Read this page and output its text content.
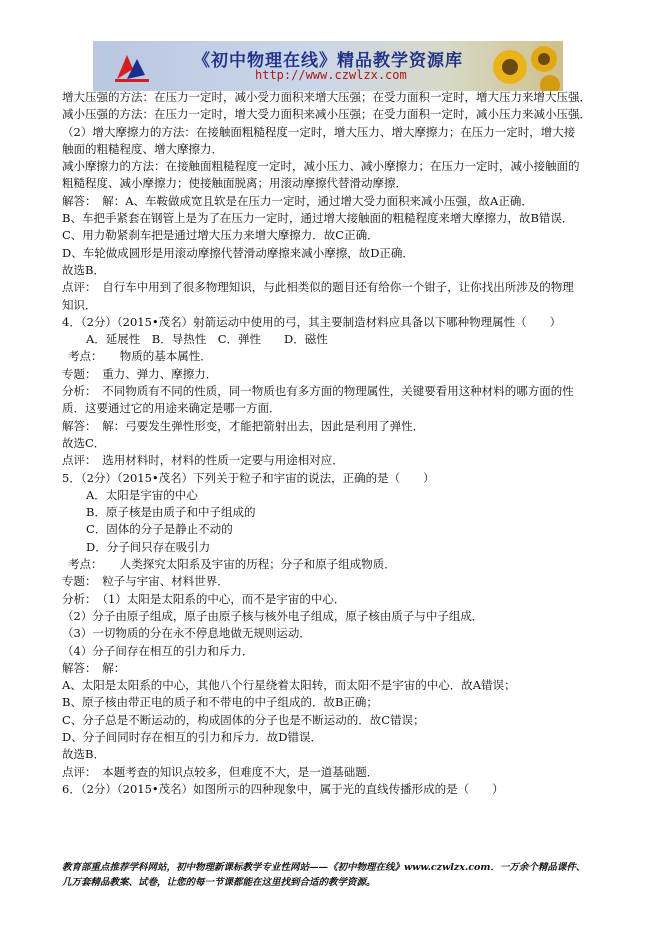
《初中物理在线》精品教学资源库
http://www.czwlzx.com
增大压强的方法：在压力一定时，减小受力面积来增大压强；在受力面积一定时，增大压力来增大压强．
减小压强的方法：在压力一定时，增大受力面积来减小压强；在受力面积一定时，减小压力来减小压强．
（2）增大摩擦力的方法：在接触面粗糙程度一定时，增大压力、增大摩擦力；在压力一定时，增大接
触面的粗糙程度、增大摩擦力．
减小摩擦力的方法：在接触面粗糙程度一定时，减小压力、减小摩擦力；在压力一定时，减小接触面的
粗糙程度、减小摩擦力；使接触面脱离；用滚动摩擦代替滑动摩擦．
解答：　解：A、车鞍做成宽且软是在压力一定时，通过增大受力面积来减小压强，故A正确．
B、车把手紧套在钢管上是为了在压力一定时，通过增大接触面的粗糙程度来增大摩擦力，故B错误．
C、用力勒紧刹车把是通过增大压力来增大摩擦力．故C正确．
D、车轮做成圆形是用滚动摩擦代替滑动摩擦来减小摩擦，故D正确．
故选B．
点评：　自行车中用到了很多物理知识，与此相类似的题目还有给你一个钳子，让你找出所涉及的物理
知识．
4．（2分）（2015•茂名）射箭运动中使用的弓，其主要制造材料应具备以下哪种物理属性（　　）
A．延展性　B．导热性　C．弹性　　D．磁性
考点：　　物质的基本属性．
专题：　重力、弹力、摩擦力．
分析：　不同物质有不同的性质，同一物质也有多方面的物理属性，关键要看用这种材料的哪方面的性
质．这要通过它的用途来确定是哪一方面．
解答：　解：弓要发生弹性形变，才能把箭射出去，因此是利用了弹性．
故选C．
点评：　选用材料时，材料的性质一定要与用途相对应．
5．（2分）（2015•茂名）下列关于粒子和宇宙的说法，正确的是（　　）
A．太阳是宇宙的中心
B．原子核是由质子和中子组成的
C．固体的分子是静止不动的
D．分子间只存在吸引力
考点：　　人类探究太阳系及宇宙的历程；分子和原子组成物质．
专题：　粒子与宇宙、材料世界．
分析：　（1）太阳是太阳系的中心，而不是宇宙的中心．
（2）分子由原子组成，原子由原子核与核外电子组成，原子核由质子与中子组成．
（3）一切物质的分在永不停息地做无规则运动．
（4）分子间存在相互的引力和斥力．
解答：　解：
A、太阳是太阳系的中心，其他八个行星绕着太阳转，而太阳不是宇宙的中心．故A错误；
B、原子核由带正电的质子和不带电的中子组成的．故B正确；
C、分子总是不断运动的，构成固体的分子也是不断运动的．故C错误；
D、分子间同时存在相互的引力和斥力．故D错误．
故选B．
点评：　本题考查的知识点较多，但难度不大，是一道基础题．
6．（2分）（2015•茂名）如图所示的四种现象中，属于光的直线传播形成的是（　　）
教育部重点推荐学科网站，初中物理新课标教学专业性网站——《初中物理在线》www.czwlzx.com．一万余个精品课件、
几万套精品教案、试卷，让您的每一节课都能在这里找到合适的教学资源。
